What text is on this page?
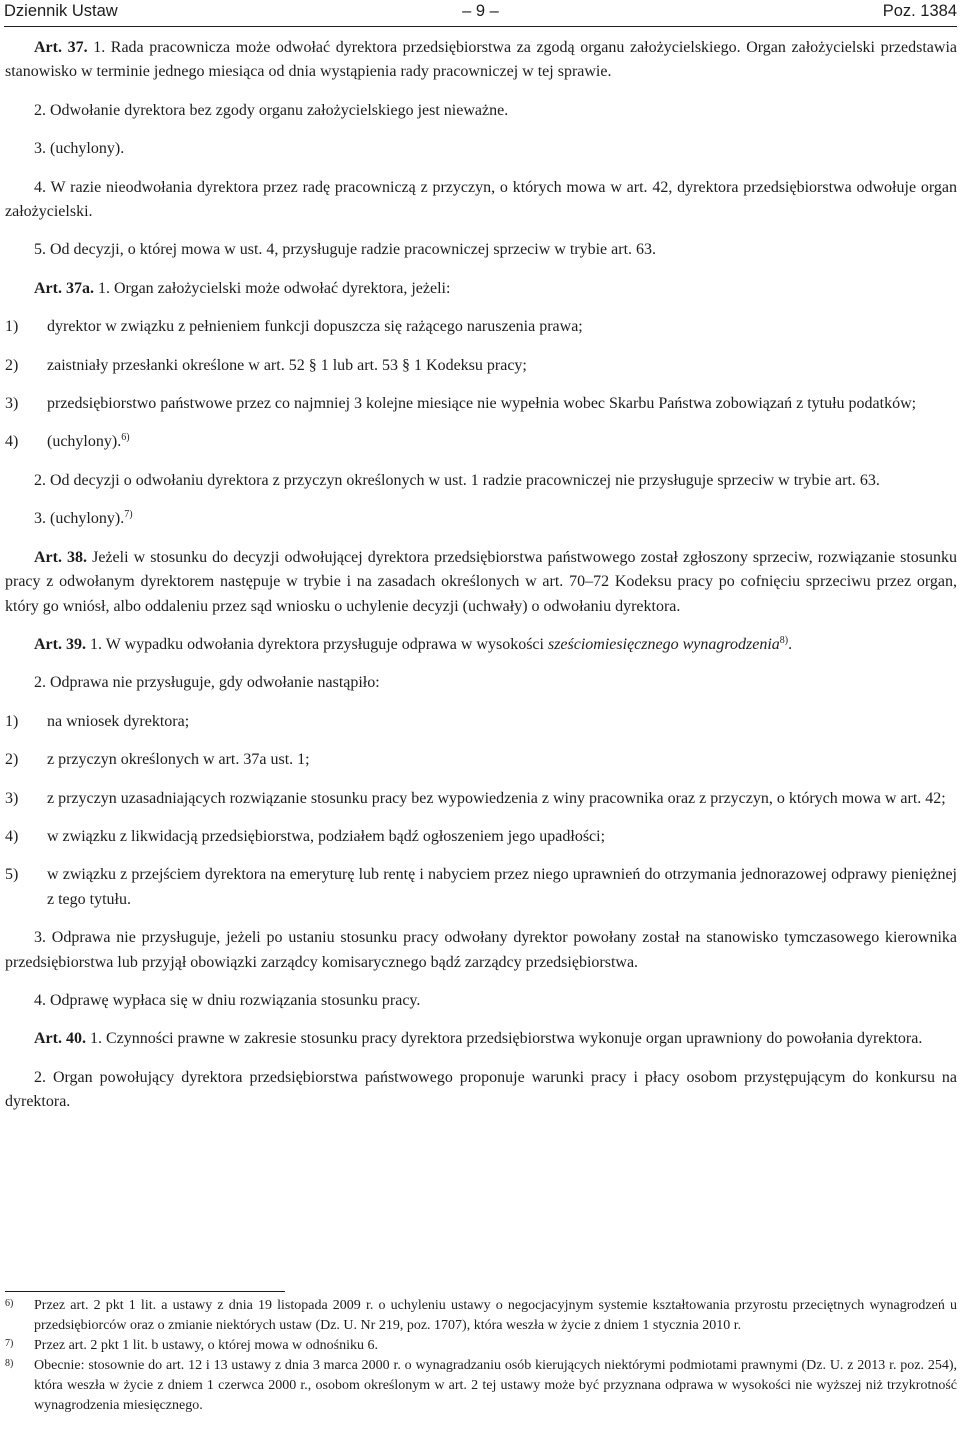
Dziennik Ustaw	– 9 –	Poz. 1384

Art. 37. 1. Rada pracownicza może odwołać dyrektora przedsiębiorstwa za zgodą organu założycielskiego. Organ założycielski przedstawia stanowisko w terminie jednego miesiąca od dnia wystąpienia rady pracowniczej w tej sprawie.

2. Odwołanie dyrektora bez zgody organu założycielskiego jest nieważne.

3. (uchylony).

4. W razie nieodwołania dyrektora przez radę pracowniczą z przyczyn, o których mowa w art. 42, dyrektora przedsiębiorstwa odwołuje organ założycielski.

5. Od decyzji, o której mowa w ust. 4, przysługuje radzie pracowniczej sprzeciw w trybie art. 63.

Art. 37a. 1. Organ założycielski może odwołać dyrektora, jeżeli:

1)	dyrektor w związku z pełnieniem funkcji dopuszcza się rażącego naruszenia prawa;
2)	zaistniały przesłanki określone w art. 52 § 1 lub art. 53 § 1 Kodeksu pracy;
3)	przedsiębiorstwo państwowe przez co najmniej 3 kolejne miesiące nie wypełnia wobec Skarbu Państwa zobowiązań z tytułu podatków;
4)	(uchylony).$^{6)}$

2. Od decyzji o odwołaniu dyrektora z przyczyn określonych w ust. 1 radzie pracowniczej nie przysługuje sprzeciw w trybie art. 63.

3. (uchylony).$^{7)}$

Art. 38. Jeżeli w stosunku do decyzji odwołującej dyrektora przedsiębiorstwa państwowego został zgłoszony sprzeciw, rozwiązanie stosunku pracy z odwołanym dyrektorem następuje w trybie i na zasadach określonych w art. 70–72 Kodeksu pracy po cofnięciu sprzeciwu przez organ, który go wniósł, albo oddaleniu przez sąd wniosku o uchylenie decyzji (uchwały) o odwołaniu dyrektora.

Art. 39. 1. W wypadku odwołania dyrektora przysługuje odprawa w wysokości sześciomiesięcznego wynagrodzenia$^{8)}$.

2. Odprawa nie przysługuje, gdy odwołanie nastąpiło:

1)	na wniosek dyrektora;
2)	z przyczyn określonych w art. 37a ust. 1;
3)	z przyczyn uzasadniających rozwiązanie stosunku pracy bez wypowiedzenia z winy pracownika oraz z przyczyn, o których mowa w art. 42;
4)	w związku z likwidacją przedsiębiorstwa, podziałem bądź ogłoszeniem jego upadłości;
5)	w związku z przejściem dyrektora na emeryturę lub rentę i nabyciem przez niego uprawnień do otrzymania jednorazowej odprawy pieniężnej z tego tytułu.

3. Odprawa nie przysługuje, jeżeli po ustaniu stosunku pracy odwołany dyrektor powołany został na stanowisko tymczasowego kierownika przedsiębiorstwa lub przyjął obowiązki zarządcy komisarycznego bądź zarządcy przedsiębiorstwa.

4. Odprawę wypłaca się w dniu rozwiązania stosunku pracy.

Art. 40. 1. Czynności prawne w zakresie stosunku pracy dyrektora przedsiębiorstwa wykonuje organ uprawniony do powołania dyrektora.

2. Organ powołujący dyrektora przedsiębiorstwa państwowego proponuje warunki pracy i płacy osobom przystępującym do konkursu na dyrektora.

6)	Przez art. 2 pkt 1 lit. a ustawy z dnia 19 listopada 2009 r. o uchyleniu ustawy o negocjacyjnym systemie kształtowania przyrostu przeciętnych wynagrodzeń u przedsiębiorców oraz o zmianie niektórych ustaw (Dz. U. Nr 219, poz. 1707), która weszła w życie z dniem 1 stycznia 2010 r.
7)	Przez art. 2 pkt 1 lit. b ustawy, o której mowa w odnośniku 6.
8)	Obecnie: stosownie do art. 12 i 13 ustawy z dnia 3 marca 2000 r. o wynagradzaniu osób kierujących niektórymi podmiotami prawnymi (Dz. U. z 2013 r. poz. 254), która weszła w życie z dniem 1 czerwca 2000 r., osobom określonym w art. 2 tej ustawy może być przyznana odprawa w wysokości nie wyższej niż trzykrotność wynagrodzenia miesięcznego.
